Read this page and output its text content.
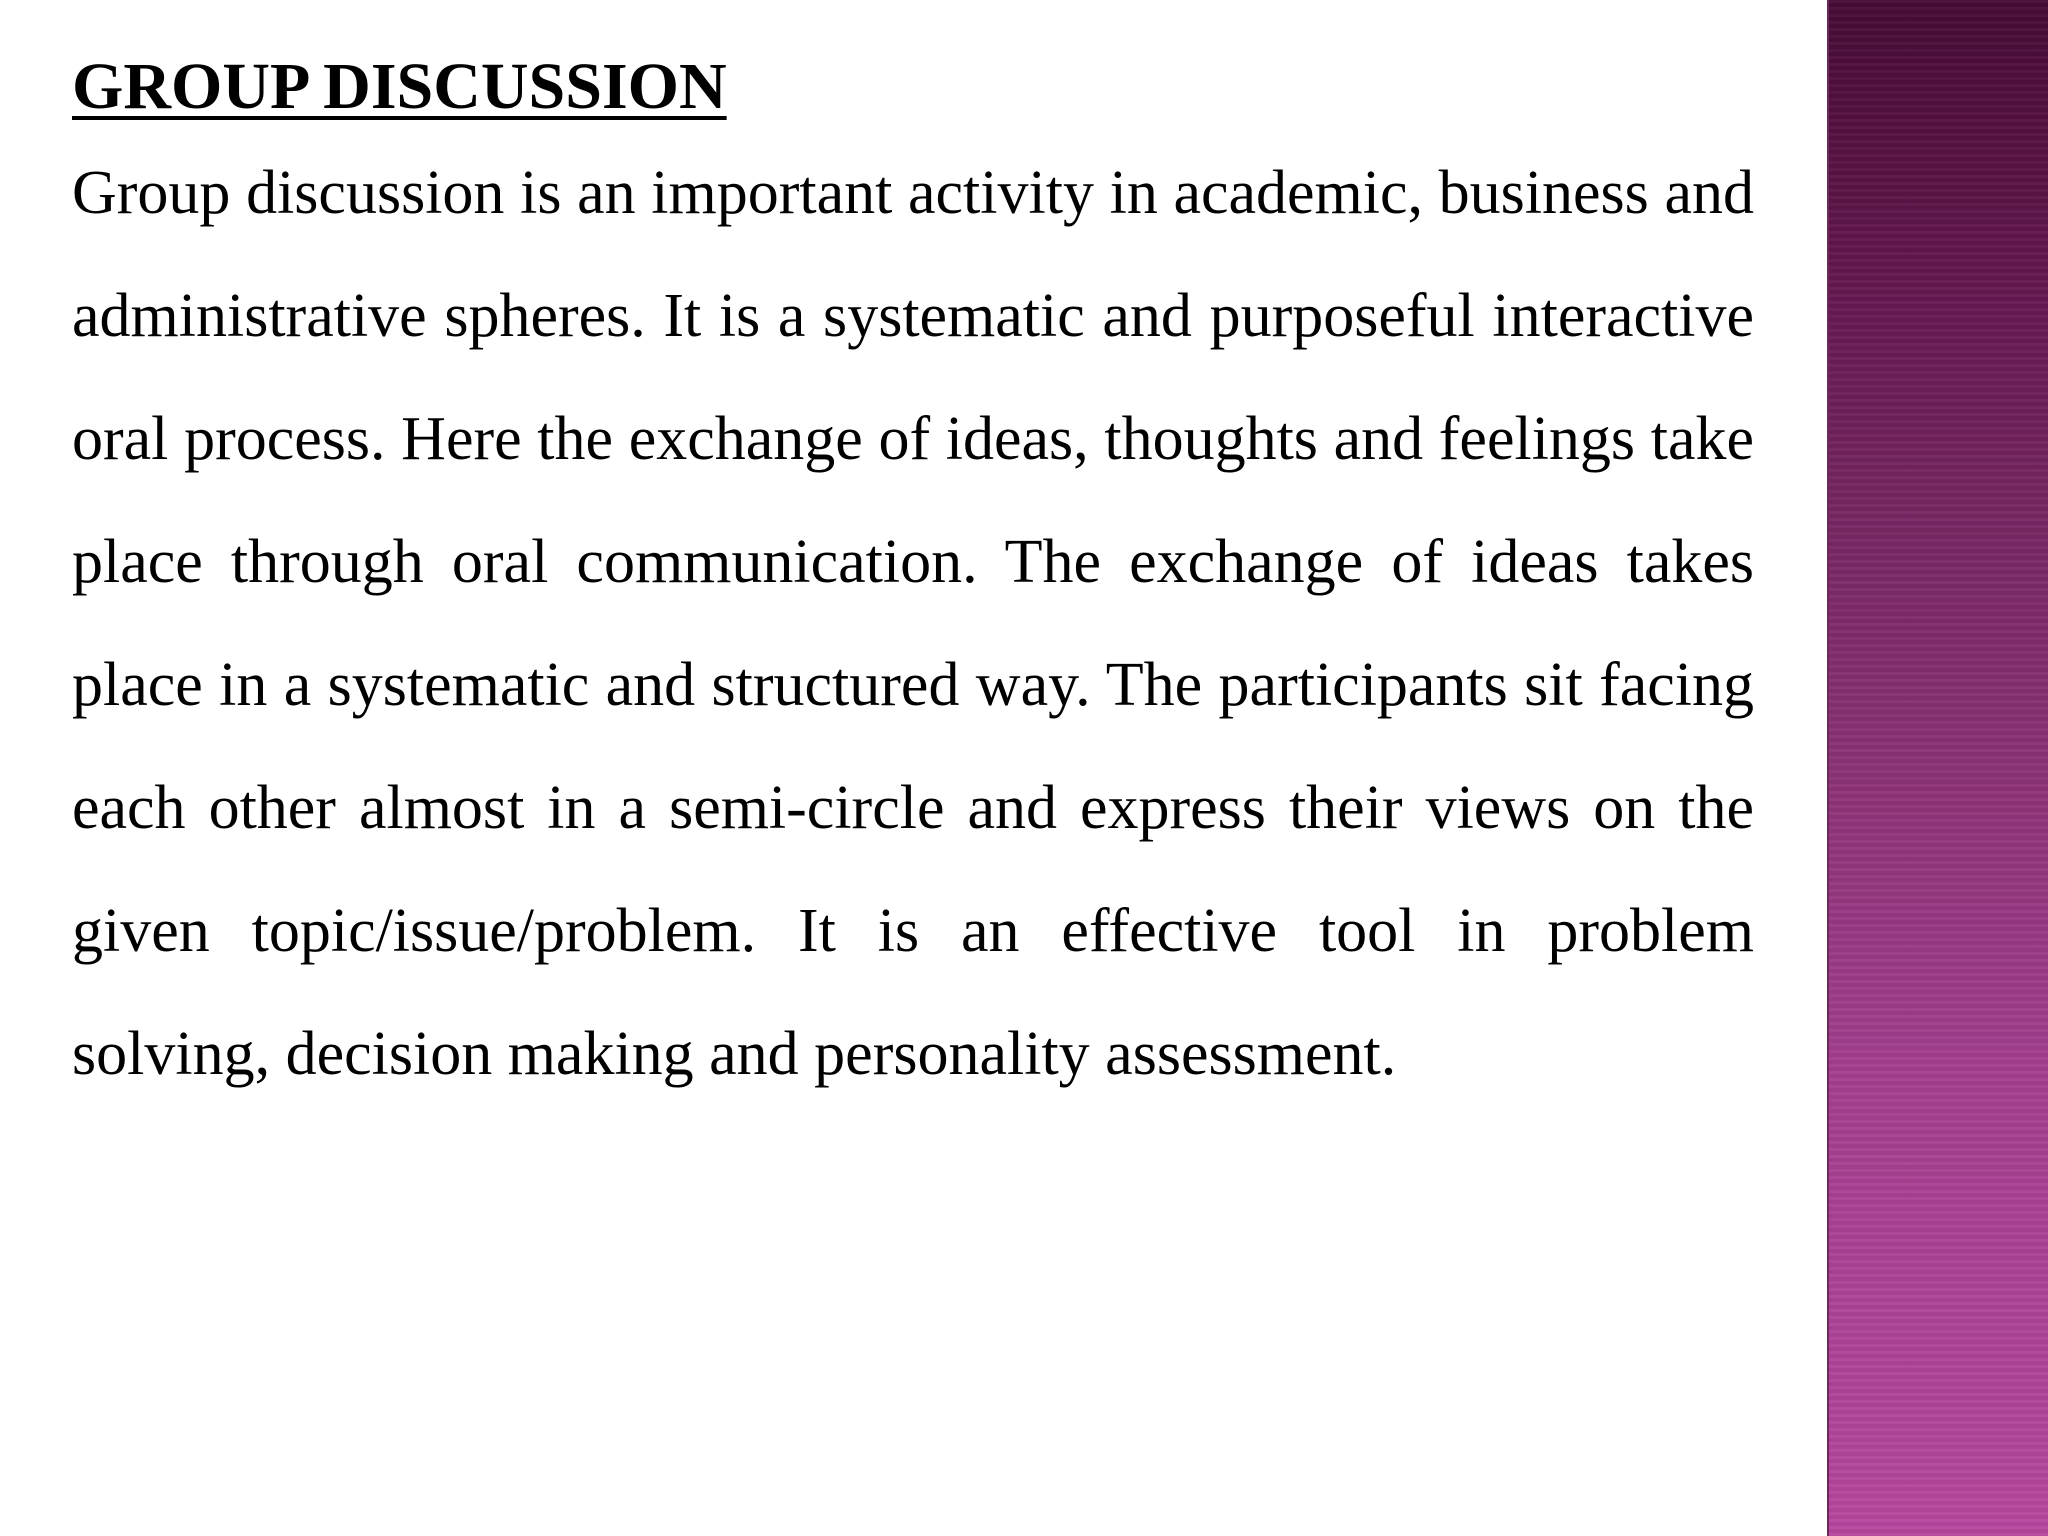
GROUP DISCUSSION

Group discussion is an important activity in academic, business and administrative spheres. It is a systematic and purposeful interactive oral process. Here the exchange of ideas, thoughts and feelings take place through oral communication. The exchange of ideas takes place in a systematic and structured way. The participants sit facing each other almost in a semi-circle and express their views on the given topic/issue/problem. It is an effective tool in problem solving, decision making and personality assessment.
